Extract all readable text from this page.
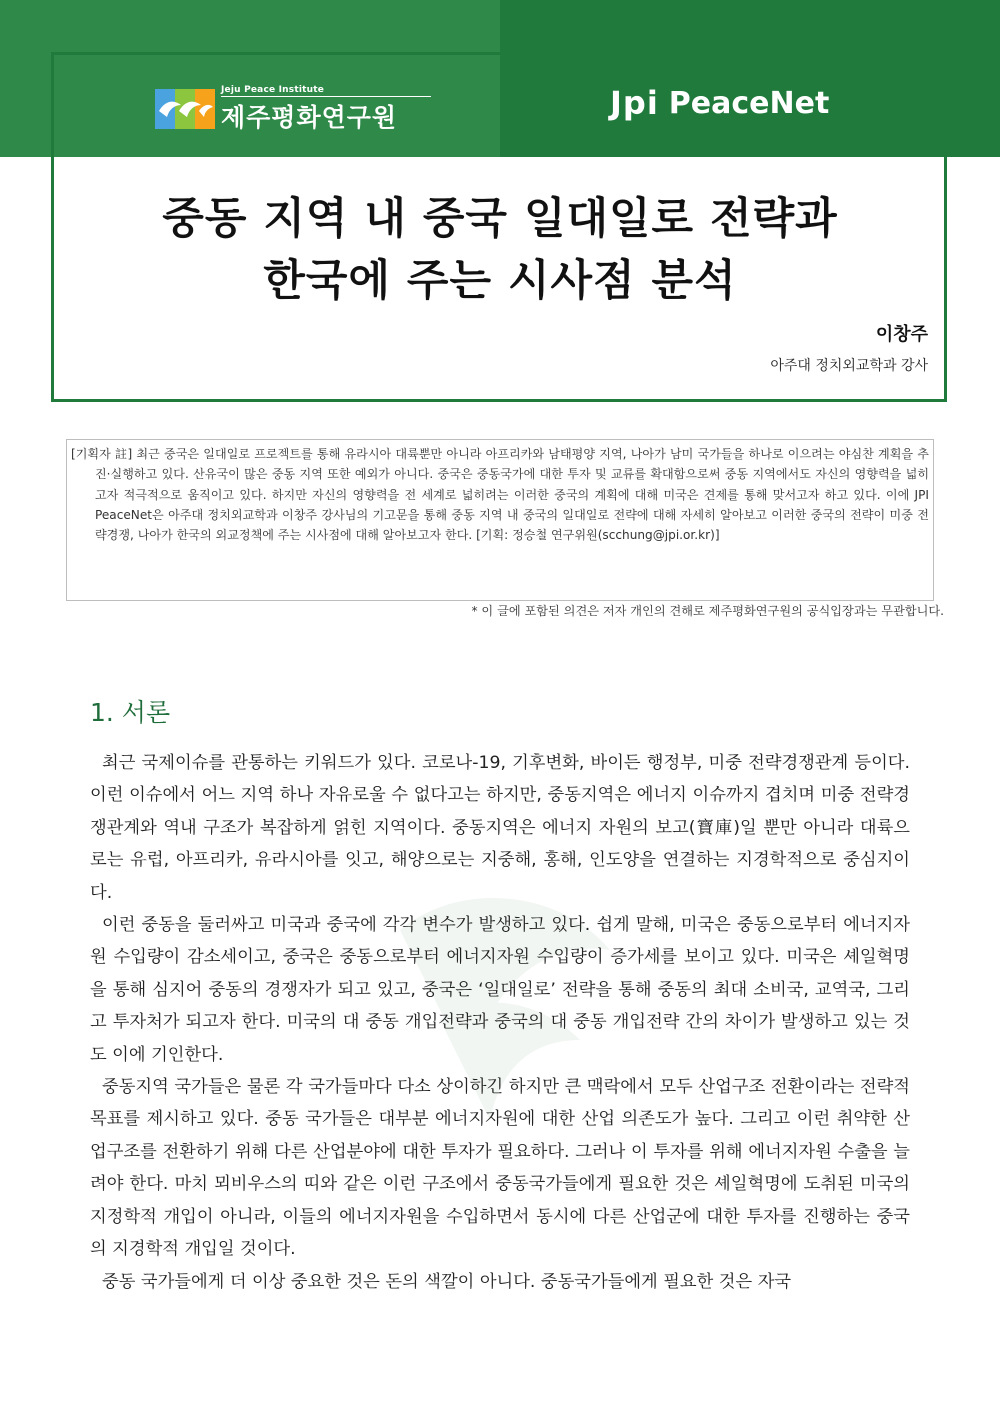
Jeju Peace Institute
제주평화연구원	Jpi PeaceNet
중동 지역 내 중국 일대일로 전략과
한국에 주는 시사점 분석
이창주
아주대 정치외교학과 강사
[기획자 註] 최근 중국은 일대일로 프로젝트를 통해 유라시아 대륙뿐만 아니라 아프리카와 남태평양 지역, 나아가 남미 국가들을 하나로 이으려는 야심찬 계획을 추진·실행하고 있다. 산유국이 많은 중동 지역 또한 예외가 아니다. 중국은 중동국가에 대한 투자 및 교류를 확대함으로써 중동 지역에서도 자신의 영향력을 넓히고자 적극적으로 움직이고 있다. 하지만 자신의 영향력을 전 세계로 넓히려는 이러한 중국의 계획에 대해 미국은 견제를 통해 맞서고자 하고 있다. 이에 JPI PeaceNet은 아주대 정치외교학과 이창주 강사님의 기고문을 통해 중동 지역 내 중국의 일대일로 전략에 대해 자세히 알아보고 이러한 중국의 전략이 미중 전략경쟁, 나아가 한국의 외교정책에 주는 시사점에 대해 알아보고자 한다. [기획: 정승철 연구위원(scchung@jpi.or.kr)]
* 이 글에 포함된 의견은 저자 개인의 견해로 제주평화연구원의 공식입장과는 무관합니다.
1. 서론

최근 국제이슈를 관통하는 키워드가 있다. 코로나-19, 기후변화, 바이든 행정부, 미중 전략경쟁관계 등이다. 이런 이슈에서 어느 지역 하나 자유로울 수 없다고는 하지만, 중동지역은 에너지 이슈까지 겹치며 미중 전략경쟁관계와 역내 구조가 복잡하게 얽힌 지역이다. 중동지역은 에너지 자원의 보고(寶庫)일 뿐만 아니라 대륙으로는 유럽, 아프리카, 유라시아를 잇고, 해양으로는 지중해, 홍해, 인도양을 연결하는 지경학적으로 중심지이다.

이런 중동을 둘러싸고 미국과 중국에 각각 변수가 발생하고 있다. 쉽게 말해, 미국은 중동으로부터 에너지자원 수입량이 감소세이고, 중국은 중동으로부터 에너지자원 수입량이 증가세를 보이고 있다. 미국은 셰일혁명을 통해 심지어 중동의 경쟁자가 되고 있고, 중국은 ‘일대일로’ 전략을 통해 중동의 최대 소비국, 교역국, 그리고 투자처가 되고자 한다. 미국의 대 중동 개입전략과 중국의 대 중동 개입전략 간의 차이가 발생하고 있는 것도 이에 기인한다.

중동지역 국가들은 물론 각 국가들마다 다소 상이하긴 하지만 큰 맥락에서 모두 산업구조 전환이라는 전략적 목표를 제시하고 있다. 중동 국가들은 대부분 에너지자원에 대한 산업 의존도가 높다. 그리고 이런 취약한 산업구조를 전환하기 위해 다른 산업분야에 대한 투자가 필요하다. 그러나 이 투자를 위해 에너지자원 수출을 늘려야 한다. 마치 뫼비우스의 띠와 같은 이런 구조에서 중동국가들에게 필요한 것은 셰일혁명에 도취된 미국의 지정학적 개입이 아니라, 이들의 에너지자원을 수입하면서 동시에 다른 산업군에 대한 투자를 진행하는 중국의 지경학적 개입일 것이다.

중동 국가들에게 더 이상 중요한 것은 돈의 색깔이 아니다. 중동국가들에게 필요한 것은 자국
